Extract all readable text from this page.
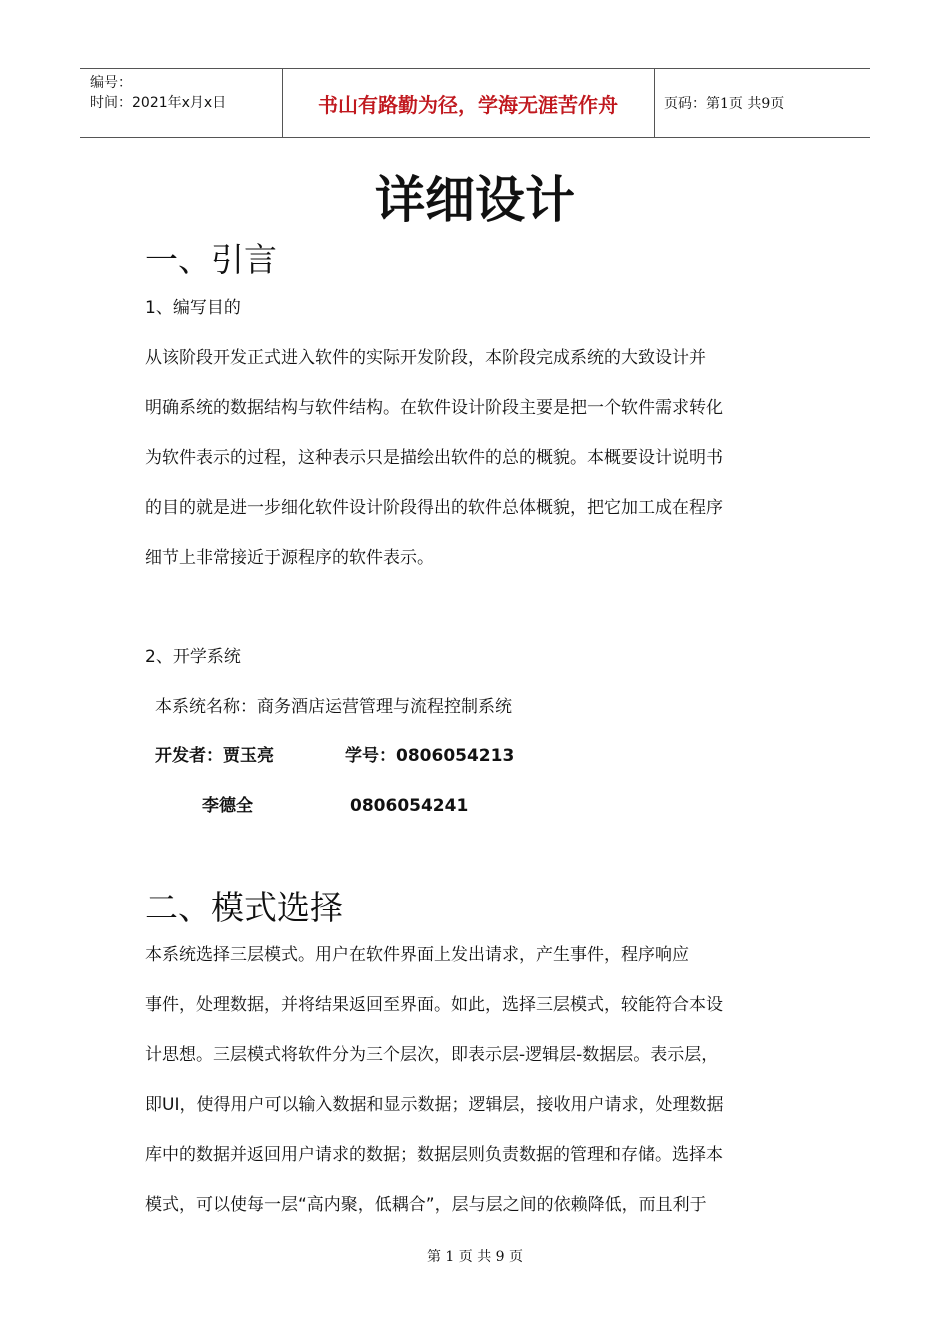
编号：
时间：2021年x月x日	书山有路勤为径，学海无涯苦作舟	页码：第1页 共9页
详细设计
一、引言
1、编写目的
从该阶段开发正式进入软件的实际开发阶段，本阶段完成系统的大致设计并
明确系统的数据结构与软件结构。在软件设计阶段主要是把一个软件需求转化
为软件表示的过程，这种表示只是描绘出软件的总的概貌。本概要设计说明书
的目的就是进一步细化软件设计阶段得出的软件总体概貌，把它加工成在程序
细节上非常接近于源程序的软件表示。
2、开学系统
本系统名称：商务酒店运营管理与流程控制系统
开发者：贾玉亮	学号：0806054213
李德全	0806054241
二、模式选择
本系统选择三层模式。用户在软件界面上发出请求，产生事件，程序响应
事件，处理数据，并将结果返回至界面。如此，选择三层模式，较能符合本设
计思想。三层模式将软件分为三个层次，即表示层-逻辑层-数据层。表示层，
即UI，使得用户可以输入数据和显示数据；逻辑层，接收用户请求，处理数据
库中的数据并返回用户请求的数据；数据层则负责数据的管理和存储。选择本
模式，可以使每一层“高内聚，低耦合”，层与层之间的依赖降低，而且利于
第 1 页 共 9 页
